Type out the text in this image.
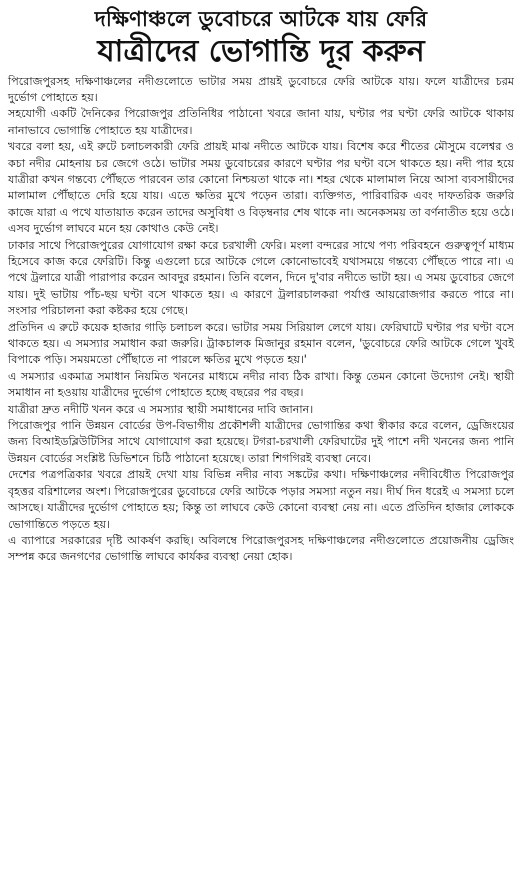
দক্ষিণাঞ্চলে ডুবোচরে আটকে যায় ফেরি
যাত্রীদের ভোগান্তি দূর করুন

পিরোজপুরসহ দক্ষিণাঞ্চলের নদীগুলোতে ভাটার সময় প্রায়ই ডুবোচরে ফেরি আটকে যায়। ফলে যাত্রীদের চরম দুর্ভোগ পোহাতে হয়।

সহযোগী একটি দৈনিকের পিরোজপুর প্রতিনিধির পাঠানো খবরে জানা যায়, ঘণ্টার পর ঘণ্টা ফেরি আটকে থাকায় নানাভাবে ভোগান্তি পোহাতে হয় যাত্রীদের।

খবরে বলা হয়, এই রুটে চলাচলকারী ফেরি প্রায়ই মাঝ নদীতে আটকে যায়। বিশেষ করে শীতের মৌসুমে বলেশ্বর ও কচা নদীর মোহনায় চর জেগে ওঠে। ভাটার সময় ডুবোচরের কারণে ঘণ্টার পর ঘণ্টা বসে থাকতে হয়। নদী পার হয়ে যাত্রীরা কখন গন্তব্যে পৌঁছতে পারবেন তার কোনো নিশ্চয়তা থাকে না। শহর থেকে মালামাল নিয়ে আসা ব্যবসায়ীদের মালামাল পৌঁছাতে দেরি হয়ে যায়। এতে ক্ষতির মুখে পড়েন তারা। ব্যক্তিগত, পারিবারিক এবং দাফতরিক জরুরি কাজে যারা এ পথে যাতায়াত করেন তাদের অসুবিধা ও বিড়ম্বনার শেষ থাকে না। অনেকসময় তা বর্ণনাতীত হয়ে ওঠে। এসব দুর্ভোগ লাঘবে মনে হয় কোথাও কেউ নেই।

ঢাকার সাথে পিরোজপুরের যোগাযোগ রক্ষা করে চরখালী ফেরি। মংলা বন্দরের সাথে পণ্য পরিবহনে গুরুত্বপূর্ণ মাধ্যম হিসেবে কাজ করে ফেরিটি। কিন্তু এগুলো চরে আটকে গেলে কোনোভাবেই যথাসময়ে গন্তব্যে পৌঁছতে পারে না। এ পথে ট্রলারে যাত্রী পারাপার করেন আবদুর রহমান। তিনি বলেন, দিনে দু'বার নদীতে ভাটা হয়। এ সময় ডুবোচর জেগে যায়। দুই ভাটায় পাঁচ-ছয় ঘণ্টা বসে থাকতে হয়। এ কারণে ট্রলারচালকরা পর্যাপ্ত আয়রোজগার করতে পারে না। সংসার পরিচালনা করা কষ্টকর হয়ে গেছে।

প্রতিদিন এ রুটে কয়েক হাজার গাড়ি চলাচল করে। ভাটার সময় সিরিয়াল লেগে যায়। ফেরিঘাটে ঘণ্টার পর ঘণ্টা বসে থাকতে হয়। এ সমস্যার সমাধান করা জরুরি। ট্রাকচালক মিজানুর রহমান বলেন, 'ডুবোচরে ফেরি আটকে গেলে খুবই বিপাকে পড়ি। সময়মতো পৌঁছাতে না পারলে ক্ষতির মুখে পড়তে হয়।'

এ সমস্যার একমাত্র সমাধান নিয়মিত খননের মাধ্যমে নদীর নাব্য ঠিক রাখা। কিন্তু তেমন কোনো উদ্যোগ নেই। স্থায়ী সমাধান না হওয়ায় যাত্রীদের দুর্ভোগ পোহাতে হচ্ছে বছরের পর বছর।

যাত্রীরা দ্রুত নদীটি খনন করে এ সমস্যার স্থায়ী সমাধানের দাবি জানান।

পিরোজপুর পানি উন্নয়ন বোর্ডের উপ-বিভাগীয় প্রকৌশলী যাত্রীদের ভোগান্তির কথা স্বীকার করে বলেন, ড্রেজিংয়ের জন্য বিআইডব্লিউটিসির সাথে যোগাযোগ করা হয়েছে। টগরা-চরখালী ফেরিঘাটের দুই পাশে নদী খননের জন্য পানি উন্নয়ন বোর্ডের সংশ্লিষ্ট ডিভিশনে চিঠি পাঠানো হয়েছে। তারা শিগগিরই ব্যবস্থা নেবে।

দেশের পত্রপত্রিকার খবরে প্রায়ই দেখা যায় বিভিন্ন নদীর নাব্য সঙ্কটের কথা। দক্ষিণাঞ্চলের নদীবিধৌত পিরোজপুর বৃহত্তর বরিশালের অংশ। পিরোজপুরের ডুবোচরে ফেরি আটকে পড়ার সমস্যা নতুন নয়। দীর্ঘ দিন ধরেই এ সমস্যা চলে আসছে। যাত্রীদের দুর্ভোগ পোহাতে হয়; কিন্তু তা লাঘবে কেউ কোনো ব্যবস্থা নেয় না। এতে প্রতিদিন হাজার লোককে ভোগান্তিতে পড়তে হয়।

এ ব্যাপারে সরকারের দৃষ্টি আকর্ষণ করছি। অবিলম্বে পিরোজপুরসহ দক্ষিণাঞ্চলের নদীগুলোতে প্রয়োজনীয় ড্রেজিং সম্পন্ন করে জনগণের ভোগান্তি লাঘবে কার্যকর ব্যবস্থা নেয়া হোক।
